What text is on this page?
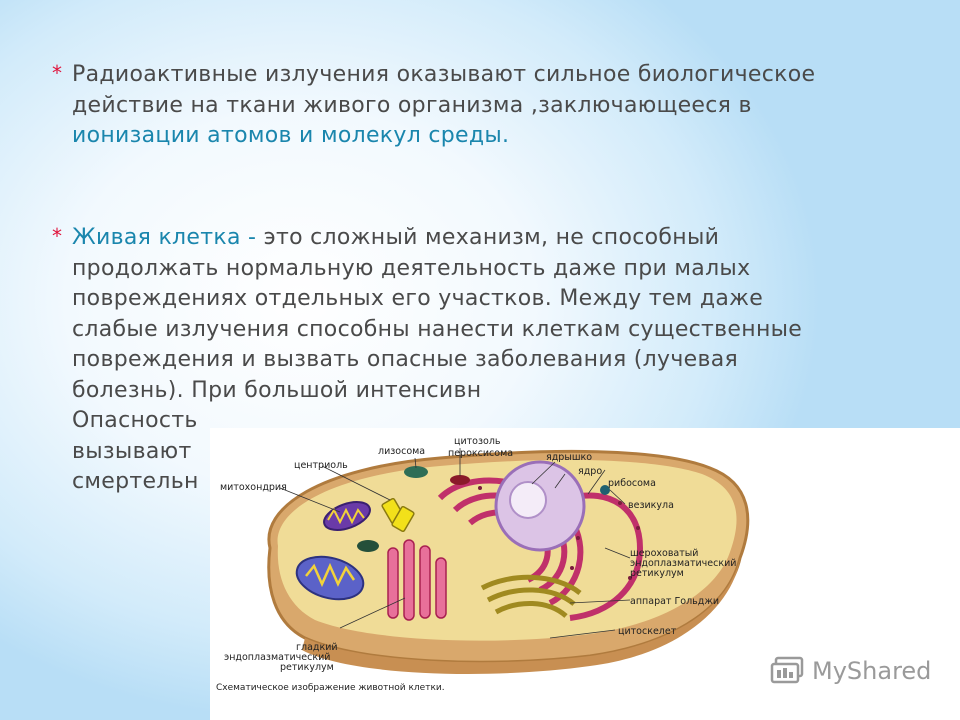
* Радиоактивные излучения оказывают сильное биологическое действие на ткани живого организма ,заключающееся в ионизации атомов и молекул среды.
* Живая клетка - это сложный механизм, не способный продолжать нормальную деятельность даже при малых повреждениях отдельных его участков. Между тем даже слабые излучения способны нанести клеткам существенные повреждения и вызвать опасные заболевания (лучевая болезнь). При большой интенсивн
Опасность
вызывают
смертельн
лизосома
цитозоль
пероксисома
центриоль
ядрышко
ядро
митохондрия	рибосома
везикула
шероховатый
эндоплазматический
ретикулум
аппарат Гольджи
цитоскелет
гладкий
эндоплазматический
ретикулум
Схематическое изображение животной клетки.
MyShared
